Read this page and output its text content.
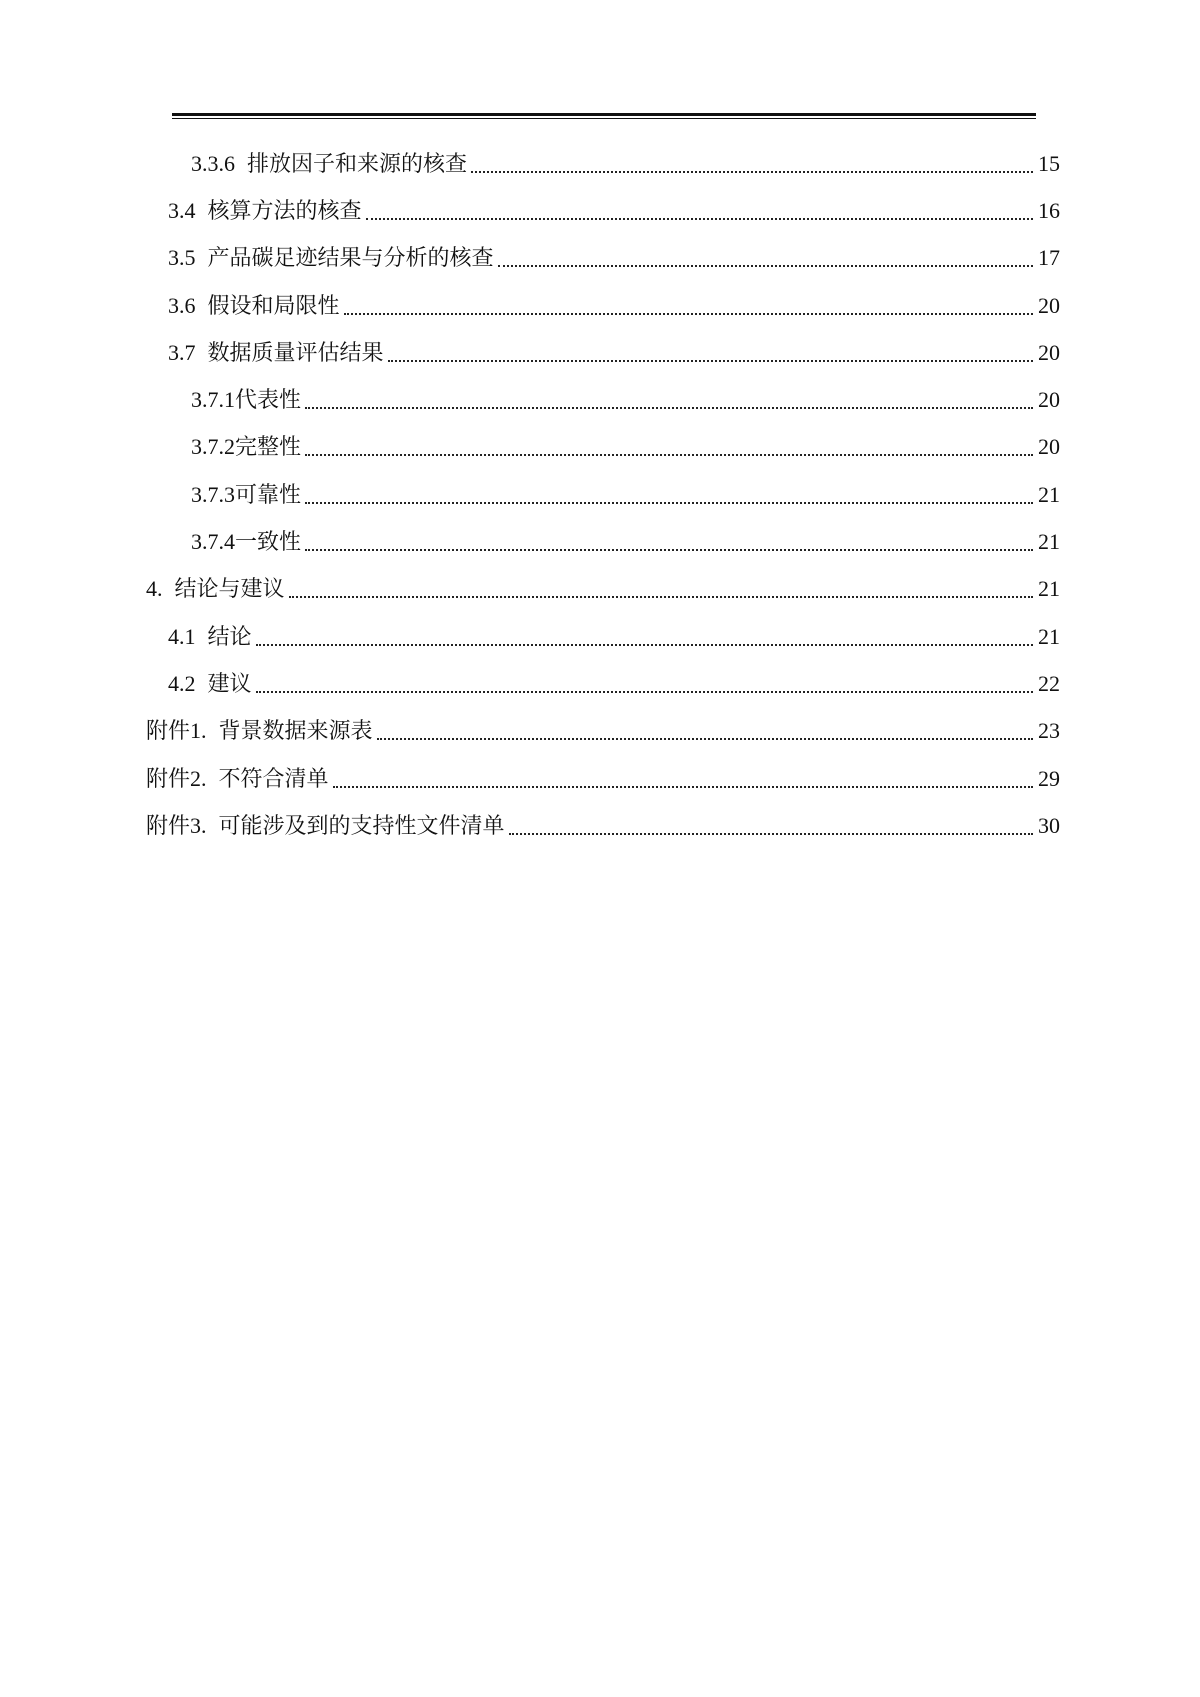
3.3.6 排放因子和来源的核查	15
3.4 核算方法的核查	16
3.5 产品碳足迹结果与分析的核查	17
3.6 假设和局限性	20
3.7 数据质量评估结果	20
3.7.1 代表性	20
3.7.2 完整性	20
3.7.3 可靠性	21
3.7.4 一致性	21
4. 结论与建议	21
4.1 结论	21
4.2 建议	22
附件1. 背景数据来源表	23
附件2. 不符合清单	29
附件3. 可能涉及到的支持性文件清单	30
